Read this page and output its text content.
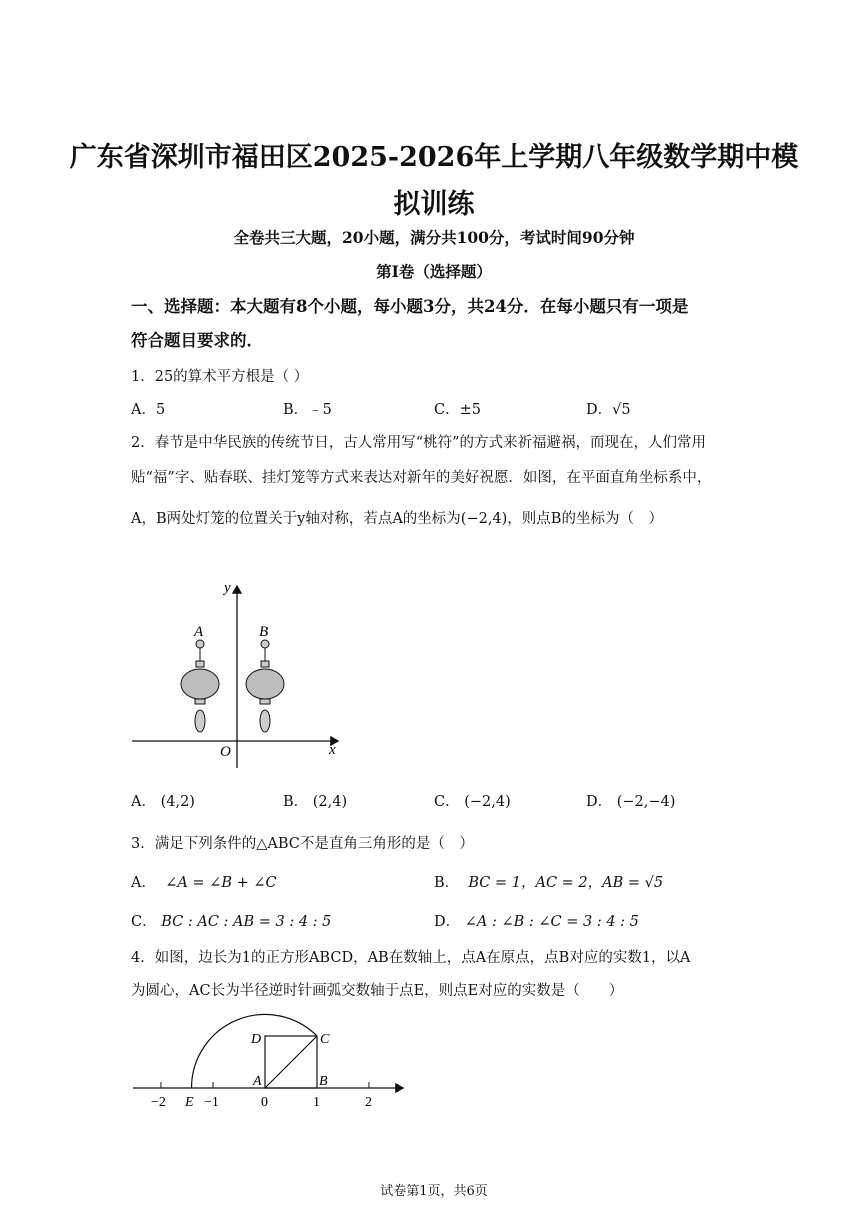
广东省深圳市福田区2025-2026年上学期八年级数学期中模
拟训练
全卷共三大题，20小题，满分共100分，考试时间90分钟
第Ⅰ卷（选择题）
一、选择题：本大题有8个小题，每小题3分，共24分．在每小题只有一项是
符合题目要求的．
1．25的算术平方根是（ ）
A．5	B．﹣5	C．±5	D．√5
2．春节是中华民族的传统节日，古人常用写“桃符”的方式来祈福避祸，而现在，人们常用
贴“福”字、贴春联、挂灯笼等方式来表达对新年的美好祝愿．如图，在平面直角坐标系中，
A，B两处灯笼的位置关于y轴对称，若点A的坐标为(−2,4)，则点B的坐标为（　）
y
x
O
A	B
A． (4,2)	B． (2,4)	C． (−2,4)	D． (−2,−4)
3．满足下列条件的△ABC不是直角三角形的是（　）
A． ∠A = ∠B + ∠C	B． BC = 1，AC = 2，AB = √5
C． BC : AC : AB = 3 : 4 : 5	D． ∠A : ∠B : ∠C = 3 : 4 : 5
4．如图，边长为1的正方形ABCD，AB在数轴上，点A在原点，点B对应的实数1，以A
为圆心，AC长为半径逆时针画弧交数轴于点E，则点E对应的实数是（　　）
D	C
A	B
E
−2	−1	0	1	2
试卷第1页，共6页
